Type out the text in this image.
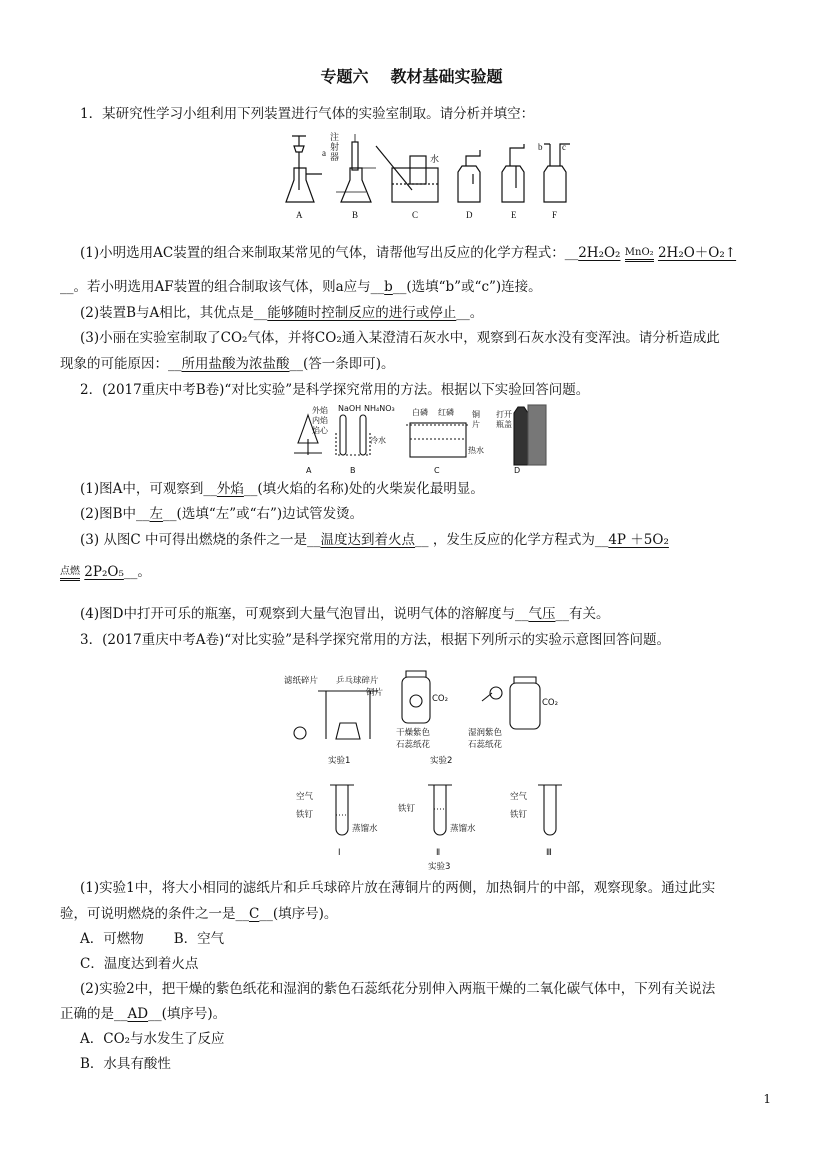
专题六 教材基础实验题
1．某研究性学习小组利用下列装置进行气体的实验室制取。请分析并填空：
A	B	C	D	E	F
注
射
器
a
b c
水
(1)小明选用AC装置的组合来制取某常见的气体，请帮他写出反应的化学方程式：__2H₂O₂ MnO₂ 2H₂O＋O₂↑
__。若小明选用AF装置的组合制取该气体，则a应与__b__(选填“b”或“c”)连接。
(2)装置B与A相比，其优点是__能够随时控制反应的进行或停止__。
(3)小丽在实验室制取了CO₂气体，并将CO₂通入某澄清石灰水中，观察到石灰水没有变浑浊。请分析造成此
现象的可能原因：__所用盐酸为浓盐酸__(答一条即可)。
2．(2017重庆中考B卷)“对比实验”是科学探究常用的方法。根据以下实验回答问题。
外焰
内焰
焰心
NaOH NH₄NO₃
冷水
白磷 红磷 铜
片
热水
打开
瓶盖
A	B	C	D
(1)图A中，可观察到__外焰__(填火焰的名称)处的火柴炭化最明显。
(2)图B中__左__(选填“左”或“右”)边试管发烫。
(3) 从图C 中可得出燃烧的条件之一是__温度达到着火点__ ，发生反应的化学方程式为__4P ＋5O₂
点燃 2P₂O₅__。
(4)图D中打开可乐的瓶塞，可观察到大量气泡冒出，说明气体的溶解度与__气压__有关。
3．(2017重庆中考A卷)“对比实验”是科学探究常用的方法，根据下列所示的实验示意图回答问题。
滤纸碎片 乒乓球碎片
铜片
CO₂	CO₂
干燥紫色
石蕊纸花
湿润紫色
石蕊纸花
实验1	实验2
空气
铁钉
蒸馏水
铁钉
蒸馏水
空气
铁钉
Ⅰ	Ⅱ	Ⅲ
实验3
(1)实验1中，将大小相同的滤纸片和乒乓球碎片放在薄铜片的两侧，加热铜片的中部，观察现象。通过此实
验，可说明燃烧的条件之一是__C__(填序号)。
A．可燃物 B．空气
C．温度达到着火点
(2)实验2中，把干燥的紫色纸花和湿润的紫色石蕊纸花分别伸入两瓶干燥的二氧化碳气体中，下列有关说法
正确的是__AD__(填序号)。
A．CO₂与水发生了反应
B．水具有酸性
1
